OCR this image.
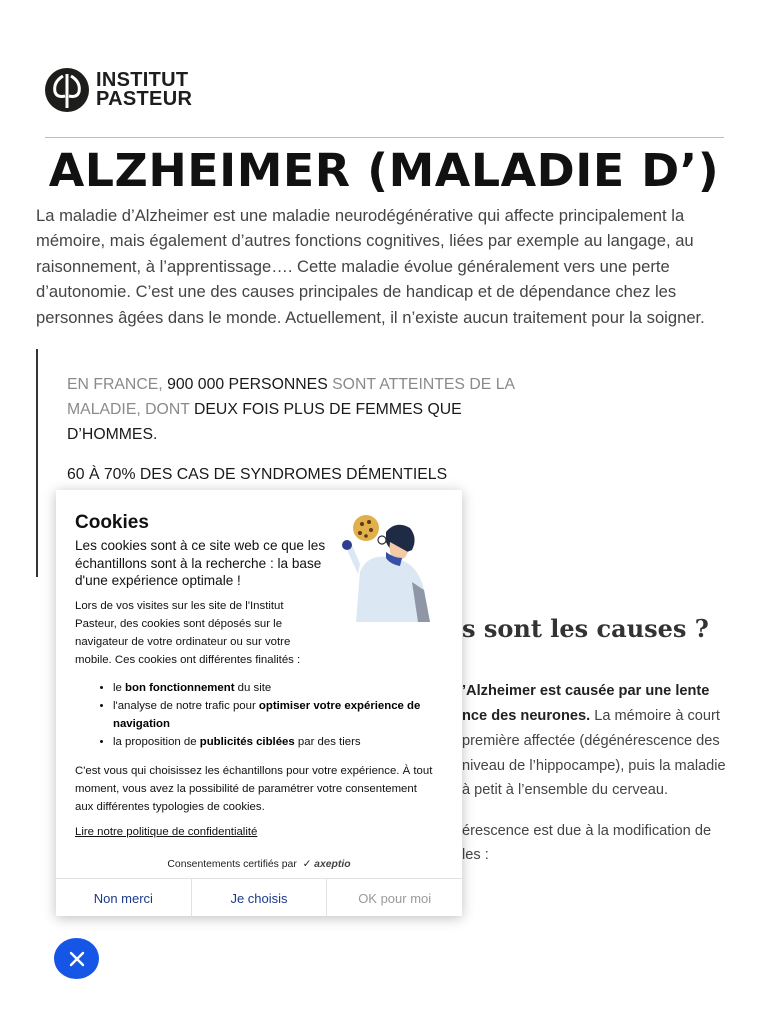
INSTITUT
PASTEUR
ALZHEIMER (MALADIE D’)

La maladie d’Alzheimer est une maladie neurodégénérative qui affecte principalement la mémoire, mais également d’autres fonctions cognitives, liées par exemple au langage, au raisonnement, à l’apprentissage…. Cette maladie évolue généralement vers une perte d’autonomie. C’est une des causes principales de handicap et de dépendance chez les personnes âgées dans le monde. Actuellement, il n’existe aucun traitement pour la soigner.

EN FRANCE, 900 000 PERSONNES SONT ATTEINTES DE LA MALADIE, DONT DEUX FOIS PLUS DE FEMMES QUE D’HOMMES.

60 À 70% DES CAS DE SYNDROMES DÉMENTIELS

s sont les causes ?
’Alzheimer est causée par une lente
nce des neurones. La mémoire à court
première affectée (dégénérescence des
niveau de l’hippocampe), puis la maladie
à petit à l’ensemble du cerveau.
érescence est due à la modification de
les :
Cookies

Les cookies sont à ce site web ce que les échantillons sont à la recherche : la base d'une expérience optimale !

Lors de vos visites sur les site de l'Institut Pasteur, des cookies sont déposés sur le navigateur de votre ordinateur ou sur votre mobile. Ces cookies ont différentes finalités :

• le bon fonctionnement du site
• l'analyse de notre trafic pour optimiser votre expérience de navigation
• la proposition de publicités ciblées par des tiers

C'est vous qui choisissez les échantillons pour votre expérience. À tout moment, vous avez la possibilité de paramétrer votre consentement aux différentes typologies de cookies.

Lire notre politique de confidentialité
Consentements certifiés par  ✓ axeptio
Non merci	Je choisis	OK pour moi
